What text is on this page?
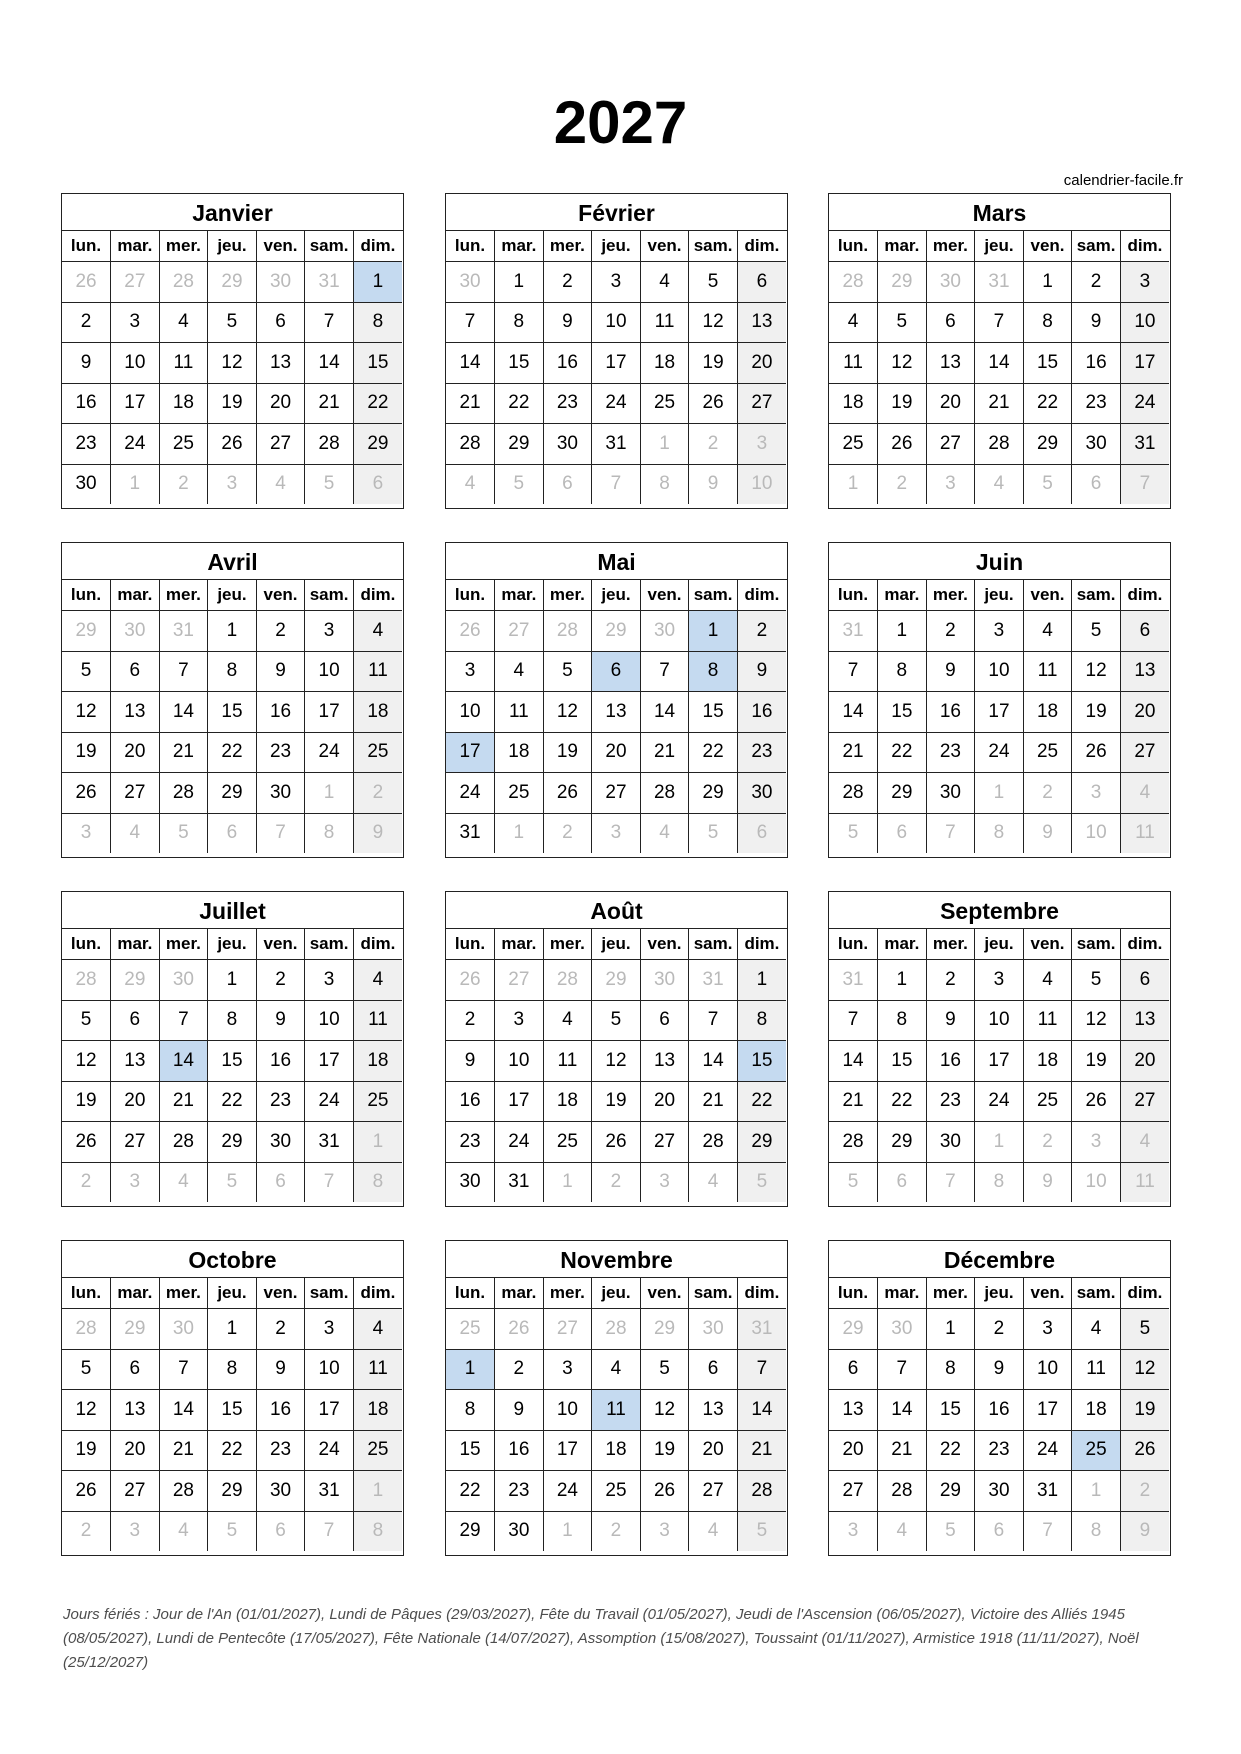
2027
calendrier-facile.fr
Janvier
lun.	mar.	mer.	jeu.	ven.	sam.	dim.
26	27	28	29	30	31	1
2	3	4	5	6	7	8
9	10	11	12	13	14	15
16	17	18	19	20	21	22
23	24	25	26	27	28	29
30	1	2	3	4	5	6
Février
lun.	mar.	mer.	jeu.	ven.	sam.	dim.
30	1	2	3	4	5	6
7	8	9	10	11	12	13
14	15	16	17	18	19	20
21	22	23	24	25	26	27
28	29	30	31	1	2	3
4	5	6	7	8	9	10
Mars
lun.	mar.	mer.	jeu.	ven.	sam.	dim.
28	29	30	31	1	2	3
4	5	6	7	8	9	10
11	12	13	14	15	16	17
18	19	20	21	22	23	24
25	26	27	28	29	30	31
1	2	3	4	5	6	7
Avril
lun.	mar.	mer.	jeu.	ven.	sam.	dim.
29	30	31	1	2	3	4
5	6	7	8	9	10	11
12	13	14	15	16	17	18
19	20	21	22	23	24	25
26	27	28	29	30	1	2
3	4	5	6	7	8	9
Mai
lun.	mar.	mer.	jeu.	ven.	sam.	dim.
26	27	28	29	30	1	2
3	4	5	6	7	8	9
10	11	12	13	14	15	16
17	18	19	20	21	22	23
24	25	26	27	28	29	30
31	1	2	3	4	5	6
Juin
lun.	mar.	mer.	jeu.	ven.	sam.	dim.
31	1	2	3	4	5	6
7	8	9	10	11	12	13
14	15	16	17	18	19	20
21	22	23	24	25	26	27
28	29	30	1	2	3	4
5	6	7	8	9	10	11
Juillet
lun.	mar.	mer.	jeu.	ven.	sam.	dim.
28	29	30	1	2	3	4
5	6	7	8	9	10	11
12	13	14	15	16	17	18
19	20	21	22	23	24	25
26	27	28	29	30	31	1
2	3	4	5	6	7	8
Août
lun.	mar.	mer.	jeu.	ven.	sam.	dim.
26	27	28	29	30	31	1
2	3	4	5	6	7	8
9	10	11	12	13	14	15
16	17	18	19	20	21	22
23	24	25	26	27	28	29
30	31	1	2	3	4	5
Septembre
lun.	mar.	mer.	jeu.	ven.	sam.	dim.
31	1	2	3	4	5	6
7	8	9	10	11	12	13
14	15	16	17	18	19	20
21	22	23	24	25	26	27
28	29	30	1	2	3	4
5	6	7	8	9	10	11
Octobre
lun.	mar.	mer.	jeu.	ven.	sam.	dim.
28	29	30	1	2	3	4
5	6	7	8	9	10	11
12	13	14	15	16	17	18
19	20	21	22	23	24	25
26	27	28	29	30	31	1
2	3	4	5	6	7	8
Novembre
lun.	mar.	mer.	jeu.	ven.	sam.	dim.
25	26	27	28	29	30	31
1	2	3	4	5	6	7
8	9	10	11	12	13	14
15	16	17	18	19	20	21
22	23	24	25	26	27	28
29	30	1	2	3	4	5
Décembre
lun.	mar.	mer.	jeu.	ven.	sam.	dim.
29	30	1	2	3	4	5
6	7	8	9	10	11	12
13	14	15	16	17	18	19
20	21	22	23	24	25	26
27	28	29	30	31	1	2
3	4	5	6	7	8	9

Jours fériés : Jour de l'An (01/01/2027), Lundi de Pâques (29/03/2027), Fête du Travail (01/05/2027), Jeudi de l'Ascension (06/05/2027), Victoire des Alliés 1945 (08/05/2027), Lundi de Pentecôte (17/05/2027), Fête Nationale (14/07/2027), Assomption (15/08/2027), Toussaint (01/11/2027), Armistice 1918 (11/11/2027), Noël (25/12/2027)
